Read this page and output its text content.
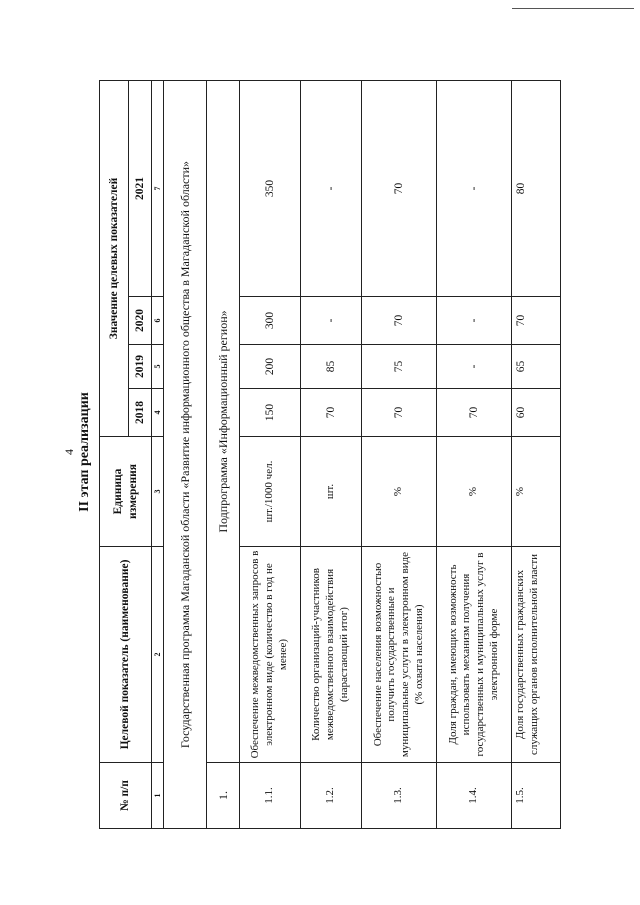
4 II этап реализации
№ п/п	Целевой показатель (наименование)	Единица измерения	Значение целевых показателей			
			2018	2019	2020	2021
1	2	3	4	5	6	7
Государственная программа Магаданской области «Развитие информационного общества в Магаданской области»						
1.	Подпрограмма «Информационный регион»					
1.1.	Обеспечение межведомственных запросов в электронном виде (количество в год не менее)	шт./1000 чел.	150	200	300	350
1.2.	Количество организаций-участников межведомственного взаимодействия (нарастающий итог)	шт.	70	85	-	-
1.3.	Обеспечение населения возможностью получить государственные и муниципальные услуги в электронном виде (% охвата населения)	%	70	75	70	70
1.4.	Доля граждан, имеющих возможность использовать механизм получения государственных и муниципальных услуг в электронной форме	%	70	-	-	-
1.5.	Доля государственных гражданских служащих органов исполнительной власти	%	60	65	70	80
